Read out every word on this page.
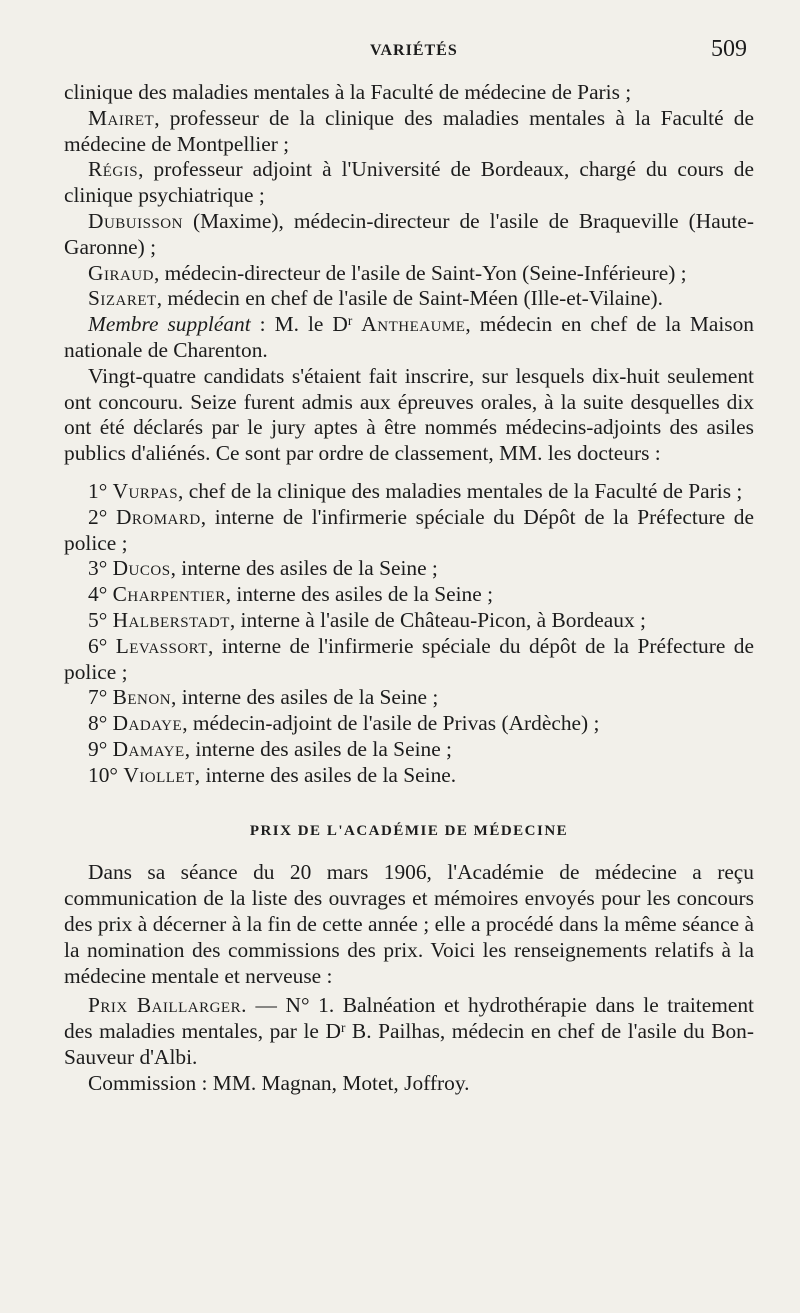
VARIÉTÉS	509

clinique des maladies mentales à la Faculté de médecine de Paris ;

Mairet, professeur de la clinique des maladies mentales à la Faculté de médecine de Montpellier ;

Régis, professeur adjoint à l'Université de Bordeaux, chargé du cours de clinique psychiatrique ;

Dubuisson (Maxime), médecin-directeur de l'asile de Braqueville (Haute-Garonne) ;

Giraud, médecin-directeur de l'asile de Saint-Yon (Seine-Inférieure) ;

Sizaret, médecin en chef de l'asile de Saint-Méen (Ille-et-Vilaine).

Membre suppléant : M. le $D^r$ Antheaume, médecin en chef de la Maison nationale de Charenton.

Vingt-quatre candidats s'étaient fait inscrire, sur lesquels dix-huit seulement ont concouru. Seize furent admis aux épreuves orales, à la suite desquelles dix ont été déclarés par le jury aptes à être nommés médecins-adjoints des asiles publics d'aliénés. Ce sont par ordre de classement, MM. les docteurs :

1° Vurpas, chef de la clinique des maladies mentales de la Faculté de Paris ;
2° Dromard, interne de l'infirmerie spéciale du Dépôt de la Préfecture de police ;
3° Ducos, interne des asiles de la Seine ;
4° Charpentier, interne des asiles de la Seine ;
5° Halberstadt, interne à l'asile de Château-Picon, à Bordeaux ;
6° Levassort, interne de l'infirmerie spéciale du dépôt de la Préfecture de police ;
7° Benon, interne des asiles de la Seine ;
8° Dadaye, médecin-adjoint de l'asile de Privas (Ardèche) ;
9° Damaye, interne des asiles de la Seine ;
10° Viollet, interne des asiles de la Seine.
PRIX DE L'ACADÉMIE DE MÉDECINE

Dans sa séance du 20 mars 1906, l'Académie de médecine a reçu communication de la liste des ouvrages et mémoires envoyés pour les concours des prix à décerner à la fin de cette année ; elle a procédé dans la même séance à la nomination des commissions des prix. Voici les renseignements relatifs à la médecine mentale et nerveuse :

Prix Baillarger. — N° 1. Balnéation et hydrothérapie dans le traitement des maladies mentales, par le $D^r$ B. Pailhas, médecin en chef de l'asile du Bon-Sauveur d'Albi.

Commission : MM. Magnan, Motet, Joffroy.
